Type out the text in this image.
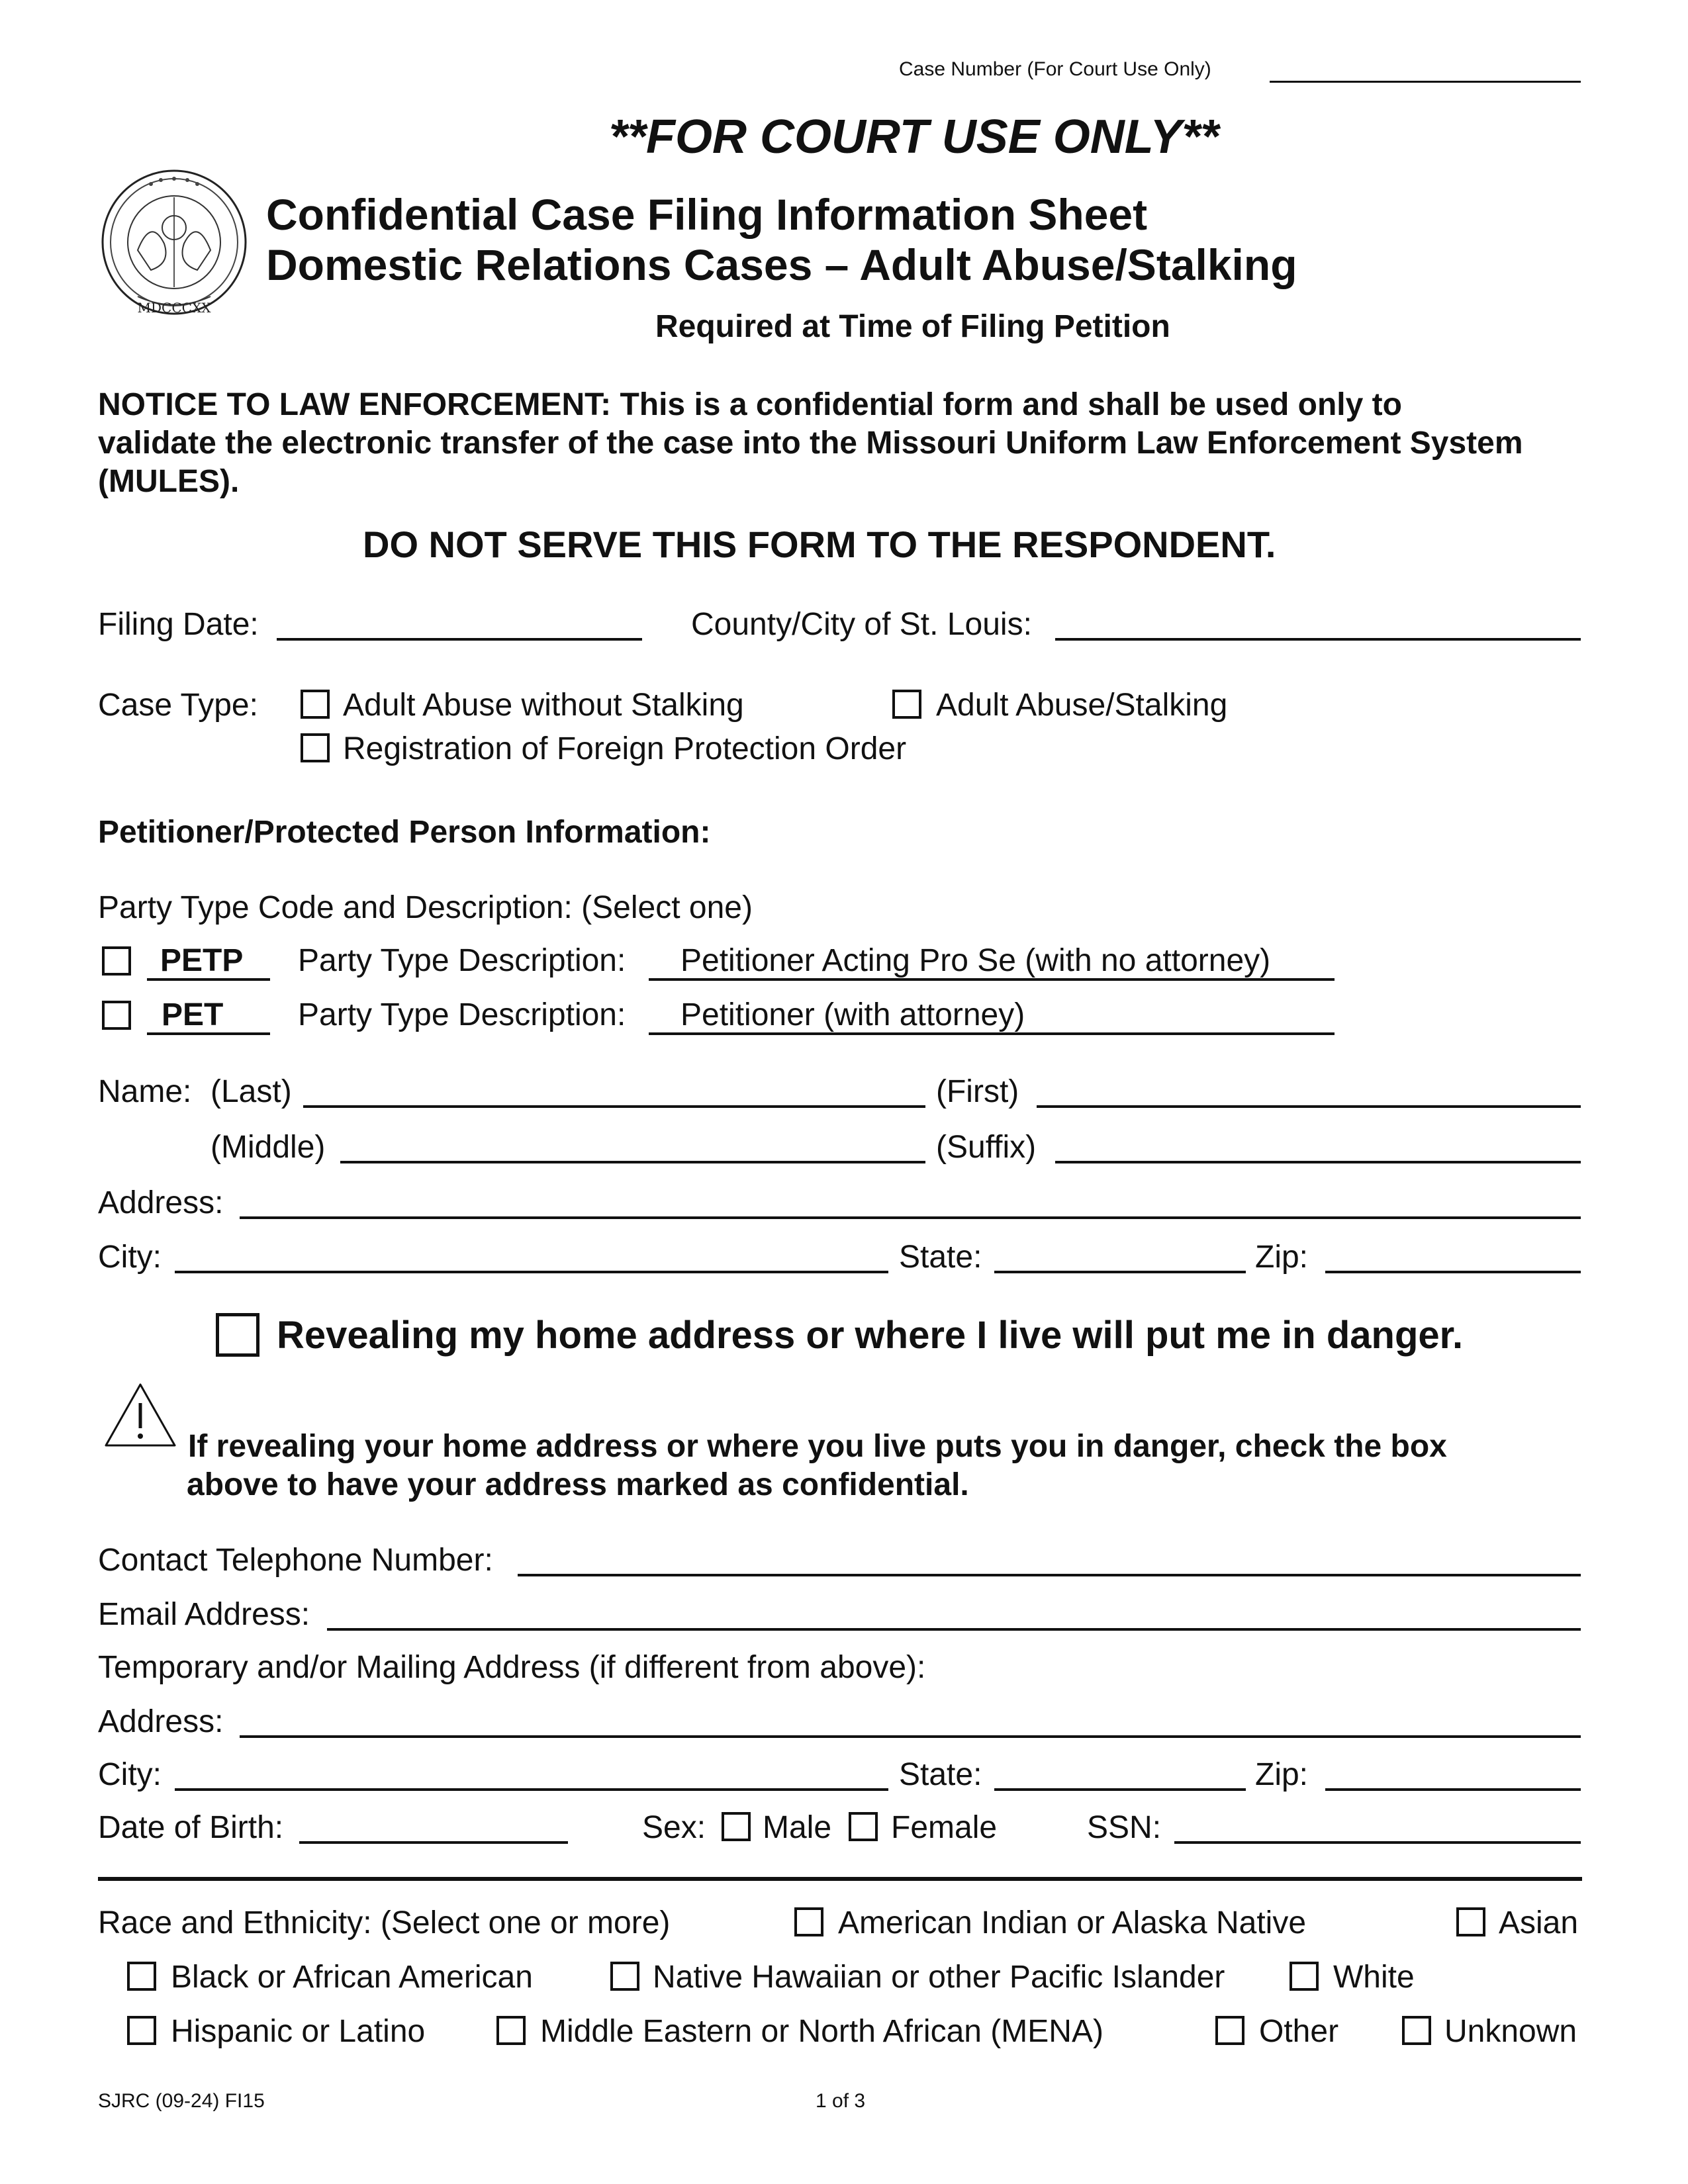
Case Number (For Court Use Only)
**FOR COURT USE ONLY**
MDCCCXX
Confidential Case Filing Information Sheet
Domestic Relations Cases – Adult Abuse/Stalking
Required at Time of Filing Petition
NOTICE TO LAW ENFORCEMENT: This is a confidential form and shall be used only to
validate the electronic transfer of the case into the Missouri Uniform Law Enforcement System
(MULES).
DO NOT SERVE THIS FORM TO THE RESPONDENT.
Filing Date:	County/City of St. Louis:
Case Type:	Adult Abuse without Stalking	Adult Abuse/Stalking
Registration of Foreign Protection Order
Petitioner/Protected Person Information:
Party Type Code and Description: (Select one)
PETP Party Type Description: Petitioner Acting Pro Se (with no attorney)
PET Party Type Description: Petitioner (with attorney)
Name: (Last)	(First)
(Middle)	(Suffix)
Address:
City:	State:	Zip:
Revealing my home address or where I live will put me in danger.
If revealing your home address or where you live puts you in danger, check the box
above to have your address marked as confidential.
Contact Telephone Number:
Email Address:
Temporary and/or Mailing Address (if different from above):
Address:
City:	State:	Zip:
Date of Birth:	Sex: Male Female	SSN:
Race and Ethnicity: (Select one or more)	American Indian or Alaska Native	Asian
Black or African American	Native Hawaiian or other Pacific Islander	White
Hispanic or Latino	Middle Eastern or North African (MENA)	Other	Unknown
SJRC (09-24) FI15	1 of 3
